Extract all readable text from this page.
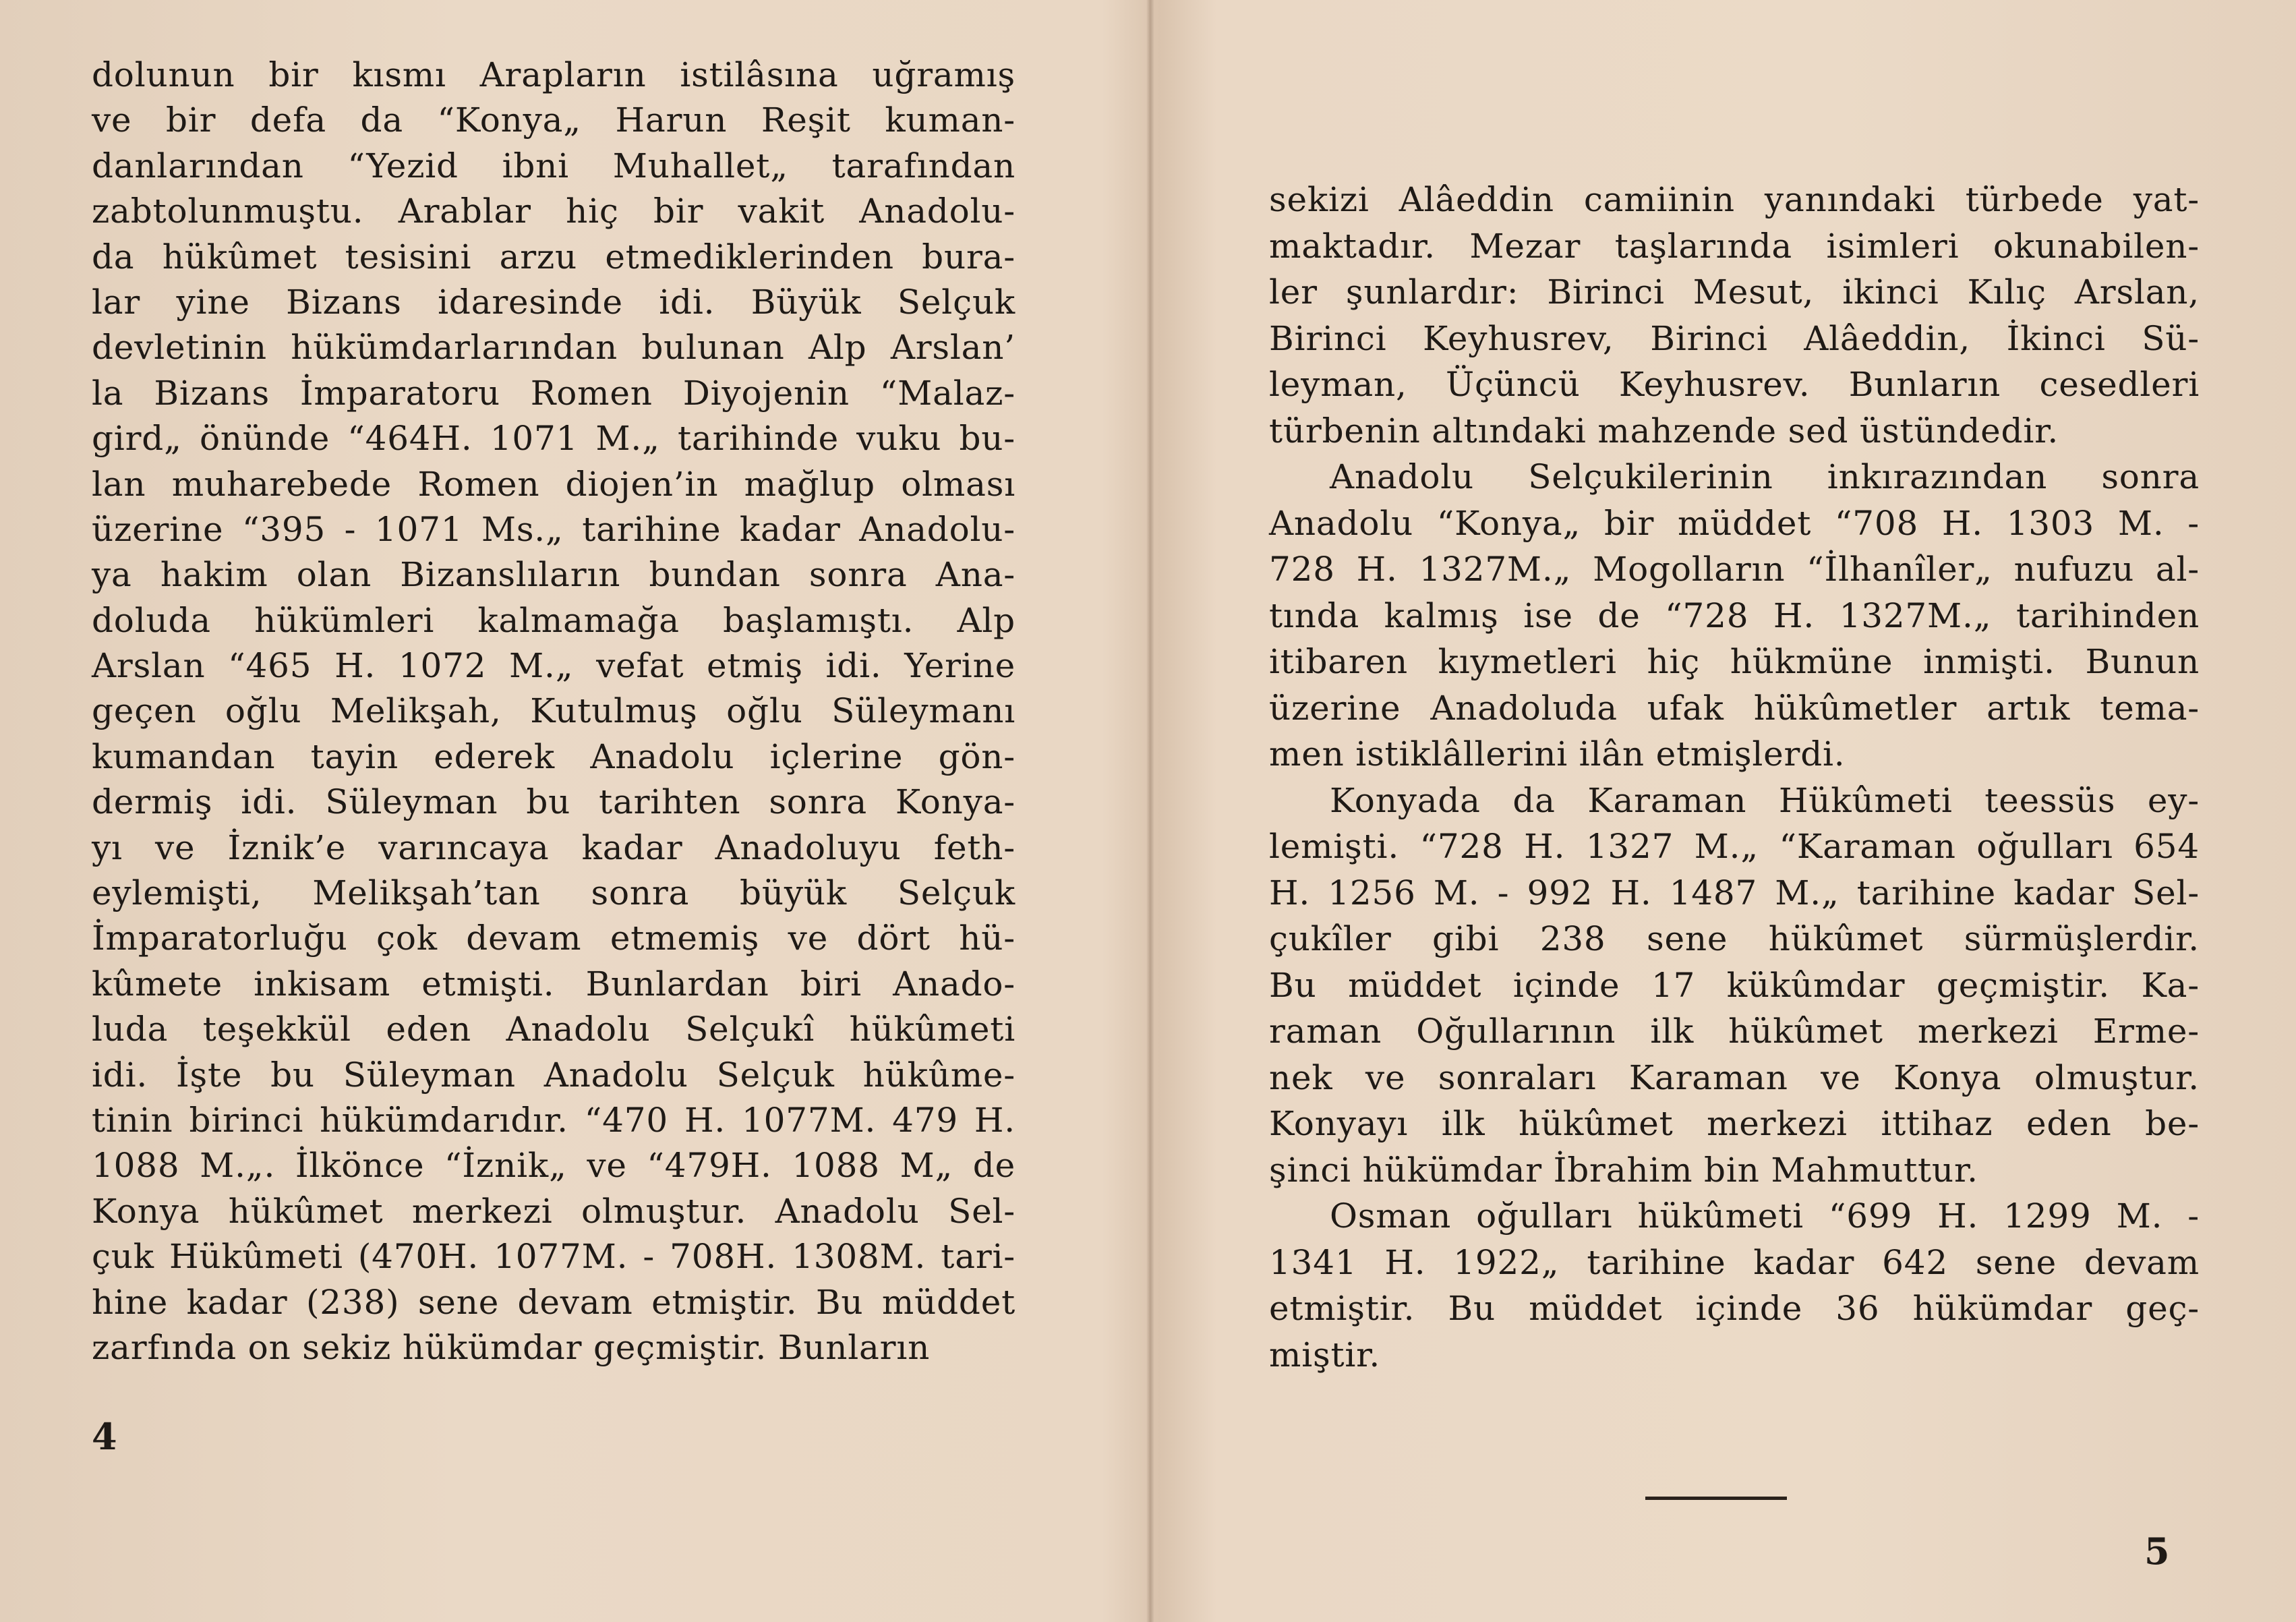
dolunun bir kısmı Arapların istilâsına uğramış
ve bir defa da “Konya„ Harun Reşit kuman-
danlarından “Yezid ibni Muhallet„ tarafından
zabtolunmuştu. Arablar hiç bir vakit Anadolu-
da hükûmet tesisini arzu etmediklerinden bura-
lar yine Bizans idaresinde idi. Büyük Selçuk
devletinin hükümdarlarından bulunan Alp Arslan’
la Bizans İmparatoru Romen Diyojenin “Malaz-
gird„ önünde “464H. 1071 M.„ tarihinde vuku bu-
lan muharebede Romen diojen’in mağlup olması
üzerine “395 - 1071 Ms.„ tarihine kadar Anadolu-
ya hakim olan Bizanslıların bundan sonra Ana-
doluda hükümleri kalmamağa başlamıştı. Alp
Arslan “465 H. 1072 M.„ vefat etmiş idi. Yerine
geçen oğlu Melikşah, Kutulmuş oğlu Süleymanı
kumandan tayin ederek Anadolu içlerine gön-
dermiş idi. Süleyman bu tarihten sonra Konya-
yı ve İznik’e varıncaya kadar Anadoluyu feth-
eylemişti, Melikşah’tan sonra büyük Selçuk
İmparatorluğu çok devam etmemiş ve dört hü-
kûmete inkisam etmişti. Bunlardan biri Anado-
luda teşekkül eden Anadolu Selçukî hükûmeti
idi. İşte bu Süleyman Anadolu Selçuk hükûme-
tinin birinci hükümdarıdır. “470 H. 1077M. 479 H.
1088 M.„. İlkönce “İznik„ ve “479H. 1088 M„ de
Konya hükûmet merkezi olmuştur. Anadolu Sel-
çuk Hükûmeti (470H. 1077M. - 708H. 1308M. tari-
hine kadar (238) sene devam etmiştir. Bu müddet
zarfında on sekiz hükümdar geçmiştir. Bunların
4
sekizi Alâeddin camiinin yanındaki türbede yat-
maktadır. Mezar taşlarında isimleri okunabilen-
ler şunlardır: Birinci Mesut, ikinci Kılıç Arslan,
Birinci Keyhusrev, Birinci Alâeddin, İkinci Sü-
leyman, Üçüncü Keyhusrev. Bunların cesedleri
türbenin altındaki mahzende sed üstündedir.
Anadolu Selçukilerinin inkırazından sonra
Anadolu “Konya„ bir müddet “708 H. 1303 M. -
728 H. 1327M.„ Mogolların “İlhanîler„ nufuzu al-
tında kalmış ise de “728 H. 1327M.„ tarihinden
itibaren kıymetleri hiç hükmüne inmişti. Bunun
üzerine Anadoluda ufak hükûmetler artık tema-
men istiklâllerini ilân etmişlerdi.
Konyada da Karaman Hükûmeti teessüs ey-
lemişti. “728 H. 1327 M.„ “Karaman oğulları 654
H. 1256 M. - 992 H. 1487 M.„ tarihine kadar Sel-
çukîler gibi 238 sene hükûmet sürmüşlerdir.
Bu müddet içinde 17 kükûmdar geçmiştir. Ka-
raman Oğullarının ilk hükûmet merkezi Erme-
nek ve sonraları Karaman ve Konya olmuştur.
Konyayı ilk hükûmet merkezi ittihaz eden be-
şinci hükümdar İbrahim bin Mahmuttur.
Osman oğulları hükûmeti “699 H. 1299 M. -
1341 H. 1922„ tarihine kadar 642 sene devam
etmiştir. Bu müddet içinde 36 hükümdar geç-
miştir.
5
